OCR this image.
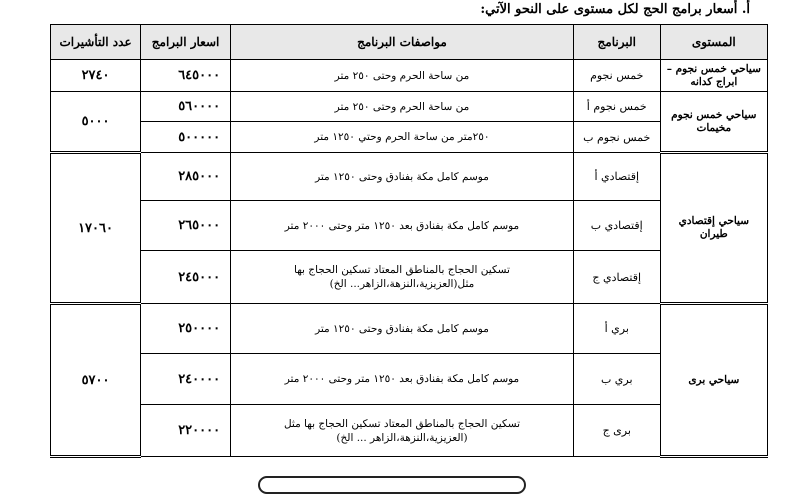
أ. أسعار برامج الحج لكل مستوى على النحو الآتي:
المستوى	البرنامج	مواصفات البرنامج	اسعار البرامج	عدد التأشيرات
سياحي خمس نجوم – ابراج كدانه	خمس نجوم	من ساحة الحرم وحتى ٢٥٠ متر	٦٤٥٠٠٠	٢٧٤٠
سياحي خمس نجوم مخيمات	خمس نجوم أ	من ساحة الحرم وحتى ٢٥٠ متر	٥٦٠٠٠٠	٥٠٠٠
	خمس نجوم ب	٢٥٠متر من ساحة الحرم وحتي ١٢٥٠ متر	٥٠٠٠٠٠	
سياحي إقتصادي طيران	إقتصادي أ	موسم كامل مكة بفنادق وحتى ١٢٥٠ متر	٢٨٥٠٠٠	١٧٠٦٠
	إقتصادي ب	موسم كامل مكة بفنادق بعد ١٢٥٠ متر وحتى ٢٠٠٠ متر	٢٦٥٠٠٠	
	إقتصادي ج	تسكين الحجاج بالمناطق المعتاد تسكين الحجاج بها مثل(العزيزية،النزهة،الزاهر... الخ)	٢٤٥٠٠٠	
سياحي برى	بري أ	موسم كامل مكة بفنادق وحتى ١٢٥٠ متر	٢٥٠٠٠٠	٥٧٠٠
	بري ب	موسم كامل مكة بفنادق بعد ١٢٥٠ متر وحتى ٢٠٠٠ متر	٢٤٠٠٠٠	
	برى ج	تسكين الحجاج بالمناطق المعتاد تسكين الحجاج بها مثل (العزيزية،النزهة،الزاهر ... الخ)	٢٢٠٠٠٠	
